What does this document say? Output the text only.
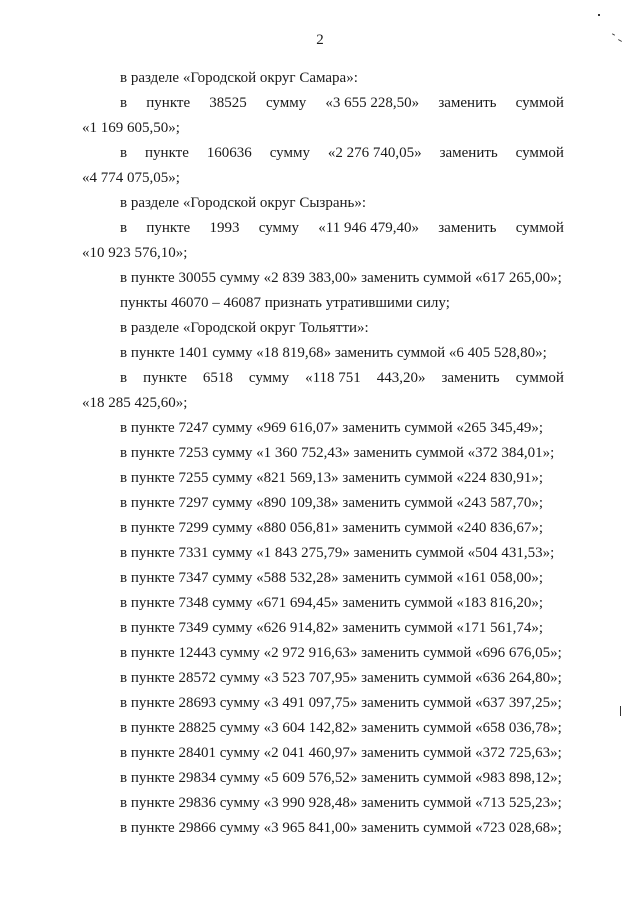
2
в разделе «Городской округ Самара»:
в пункте 38525 сумму «3 655 228,50» заменить суммой
«1 169 605,50»;
в пункте 160636 сумму «2 276 740,05» заменить суммой
«4 774 075,05»;
в разделе «Городской округ Сызрань»:
в пункте 1993 сумму «11 946 479,40» заменить суммой
«10 923 576,10»;
в пункте 30055 сумму «2 839 383,00» заменить суммой «617 265,00»;
пункты 46070 – 46087 признать утратившими силу;
в разделе «Городской округ Тольятти»:
в пункте 1401 сумму «18 819,68» заменить суммой «6 405 528,80»;
в пункте 6518 сумму «118 751 443,20» заменить суммой
«18 285 425,60»;
в пункте 7247 сумму «969 616,07» заменить суммой «265 345,49»;
в пункте 7253 сумму «1 360 752,43» заменить суммой «372 384,01»;
в пункте 7255 сумму «821 569,13» заменить суммой «224 830,91»;
в пункте 7297 сумму «890 109,38» заменить суммой «243 587,70»;
в пункте 7299 сумму «880 056,81» заменить суммой «240 836,67»;
в пункте 7331 сумму «1 843 275,79» заменить суммой «504 431,53»;
в пункте 7347 сумму «588 532,28» заменить суммой «161 058,00»;
в пункте 7348 сумму «671 694,45» заменить суммой «183 816,20»;
в пункте 7349 сумму «626 914,82» заменить суммой «171 561,74»;
в пункте 12443 сумму «2 972 916,63» заменить суммой «696 676,05»;
в пункте 28572 сумму «3 523 707,95» заменить суммой «636 264,80»;
в пункте 28693 сумму «3 491 097,75» заменить суммой «637 397,25»;
в пункте 28825 сумму «3 604 142,82» заменить суммой «658 036,78»;
в пункте 28401 сумму «2 041 460,97» заменить суммой «372 725,63»;
в пункте 29834 сумму «5 609 576,52» заменить суммой «983 898,12»;
в пункте 29836 сумму «3 990 928,48» заменить суммой «713 525,23»;
в пункте 29866 сумму «3 965 841,00» заменить суммой «723 028,68»;
